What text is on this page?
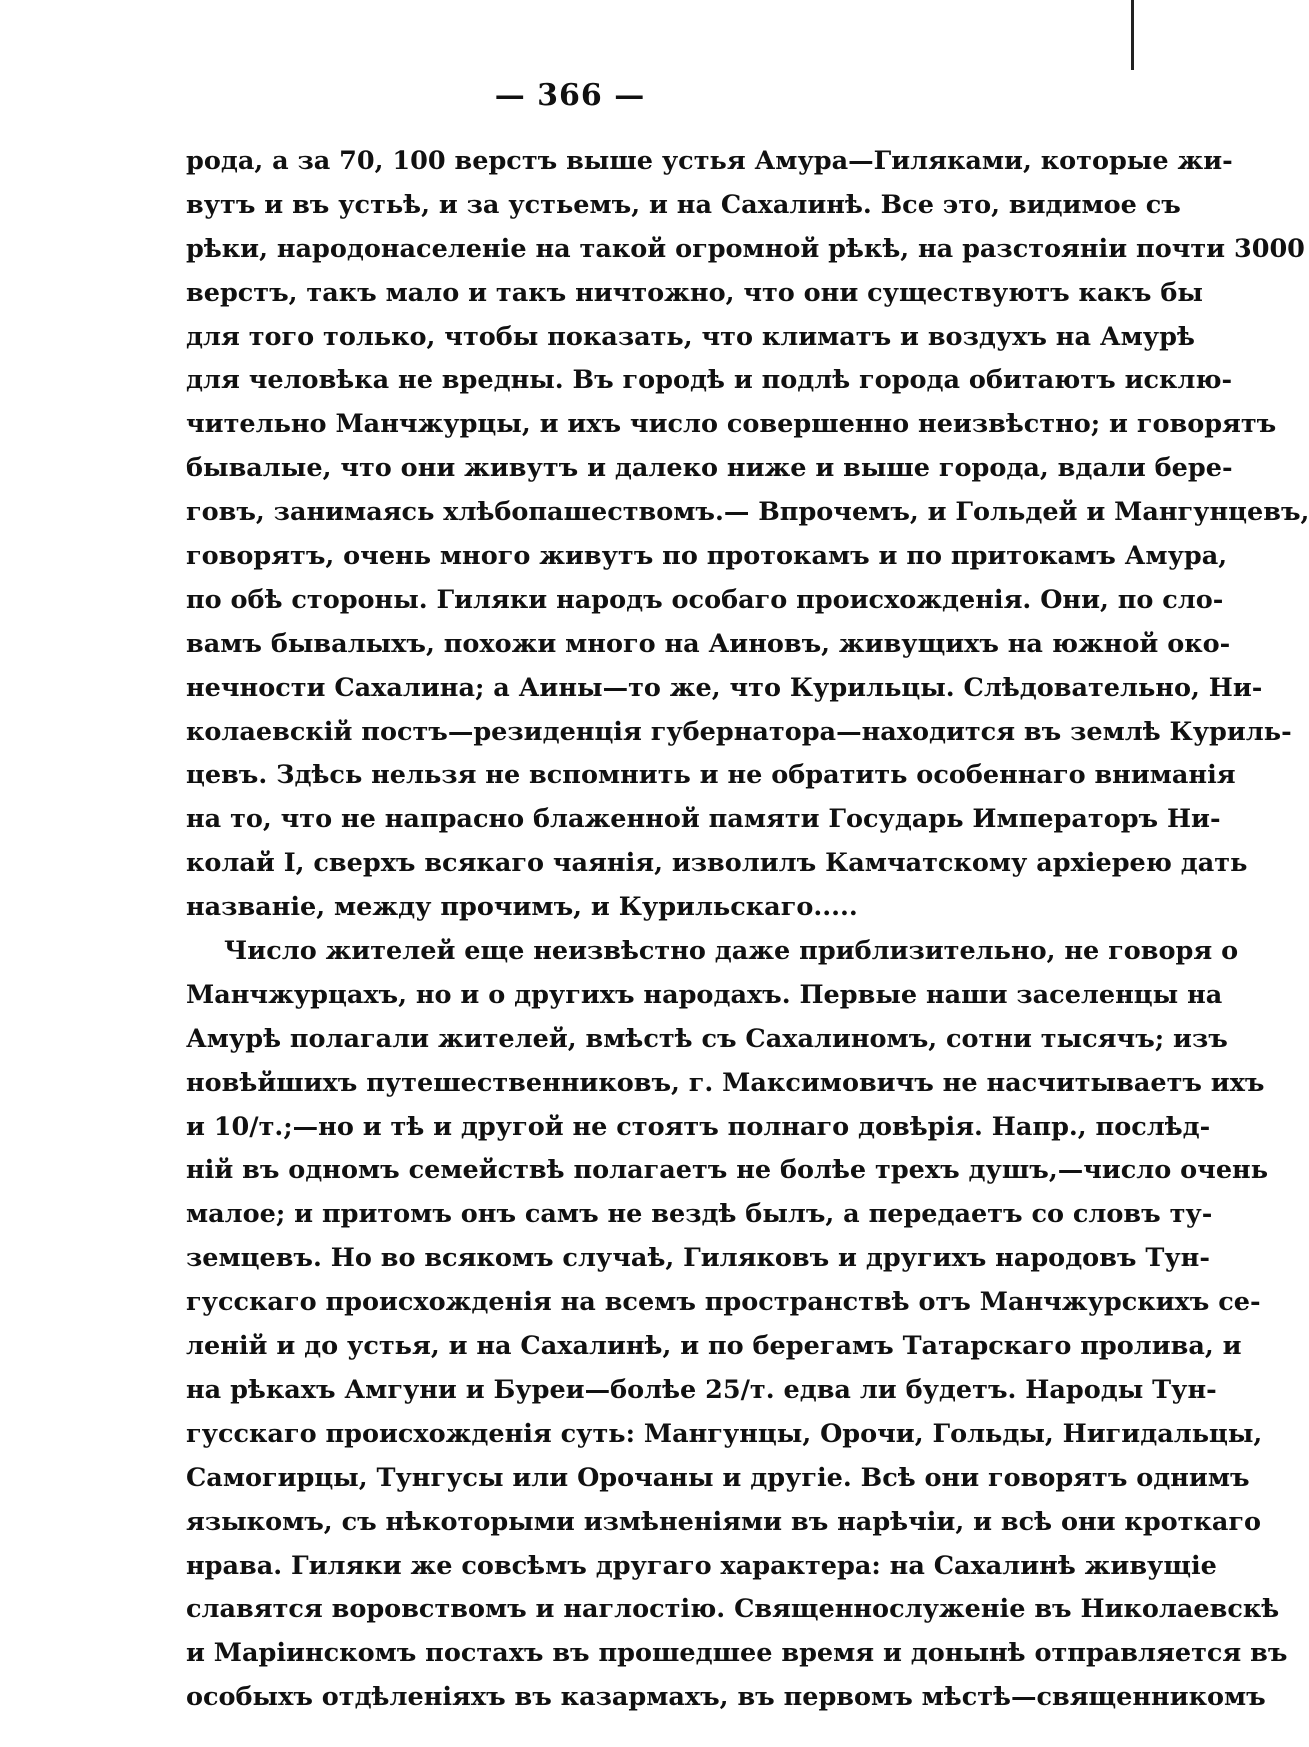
— 366 —
рода, а за 70, 100 верстъ выше устья Амура—Гиляками, которые жи-
вутъ и въ устьѣ, и за устьемъ, и на Сахалинѣ. Все это, видимое съ
рѣки, народонаселеніе на такой огромной рѣкѣ, на разстояніи почти 3000
верстъ, такъ мало и такъ ничтожно, что они существуютъ какъ бы
для того только, чтобы показать, что климатъ и воздухъ на Амурѣ
для человѣка не вредны. Въ городѣ и подлѣ города обитаютъ исклю-
чительно Манчжурцы, и ихъ число совершенно неизвѣстно; и говорятъ
бывалые, что они живутъ и далеко ниже и выше города, вдали бере-
говъ, занимаясь хлѣбопашествомъ.— Впрочемъ, и Гольдей и Мангунцевъ,
говорятъ, очень много живутъ по протокамъ и по притокамъ Амура,
по обѣ стороны. Гиляки народъ особаго происхожденія. Они, по сло-
вамъ бывалыхъ, похожи много на Аиновъ, живущихъ на южной око-
нечности Сахалина; а Аины—то же, что Курильцы. Слѣдовательно, Ни-
колаевскій постъ—резиденція губернатора—находится въ землѣ Куриль-
цевъ. Здѣсь нельзя не вспомнить и не обратить особеннаго вниманія
на то, что не напрасно блаженной памяти Государь Императоръ Ни-
колай I, сверхъ всякаго чаянія, изволилъ Камчатскому архіерею дать
названіе, между прочимъ, и Курильскаго.....
Число жителей еще неизвѣстно даже приблизительно, не говоря о
Манчжурцахъ, но и о другихъ народахъ. Первые наши заселенцы на
Амурѣ полагали жителей, вмѣстѣ съ Сахалиномъ, сотни тысячъ; изъ
новѣйшихъ путешественниковъ, г. Максимовичъ не насчитываетъ ихъ
и 10/т.;—но и тѣ и другой не стоятъ полнаго довѣрія. Напр., послѣд-
ній въ одномъ семействѣ полагаетъ не болѣе трехъ душъ,—число очень
малое; и притомъ онъ самъ не вездѣ былъ, а передаетъ со словъ ту-
земцевъ. Но во всякомъ случаѣ, Гиляковъ и другихъ народовъ Тун-
гусскаго происхожденія на всемъ пространствѣ отъ Манчжурскихъ се-
леній и до устья, и на Сахалинѣ, и по берегамъ Татарскаго пролива, и
на рѣкахъ Амгуни и Буреи—болѣе 25/т. едва ли будетъ. Народы Тун-
гусскаго происхожденія суть: Мангунцы, Орочи, Гольды, Нигидальцы,
Самогирцы, Тунгусы или Орочаны и другіе. Всѣ они говорятъ однимъ
языкомъ, съ нѣкоторыми измѣненіями въ нарѣчіи, и всѣ они кроткаго
нрава. Гиляки же совсѣмъ другаго характера: на Сахалинѣ живущіе
славятся воровствомъ и наглостію. Священнослуженіе въ Николаевскѣ
и Маріинскомъ постахъ въ прошедшее время и донынѣ отправляется въ
особыхъ отдѣленіяхъ въ казармахъ, въ первомъ мѣстѣ—священникомъ
